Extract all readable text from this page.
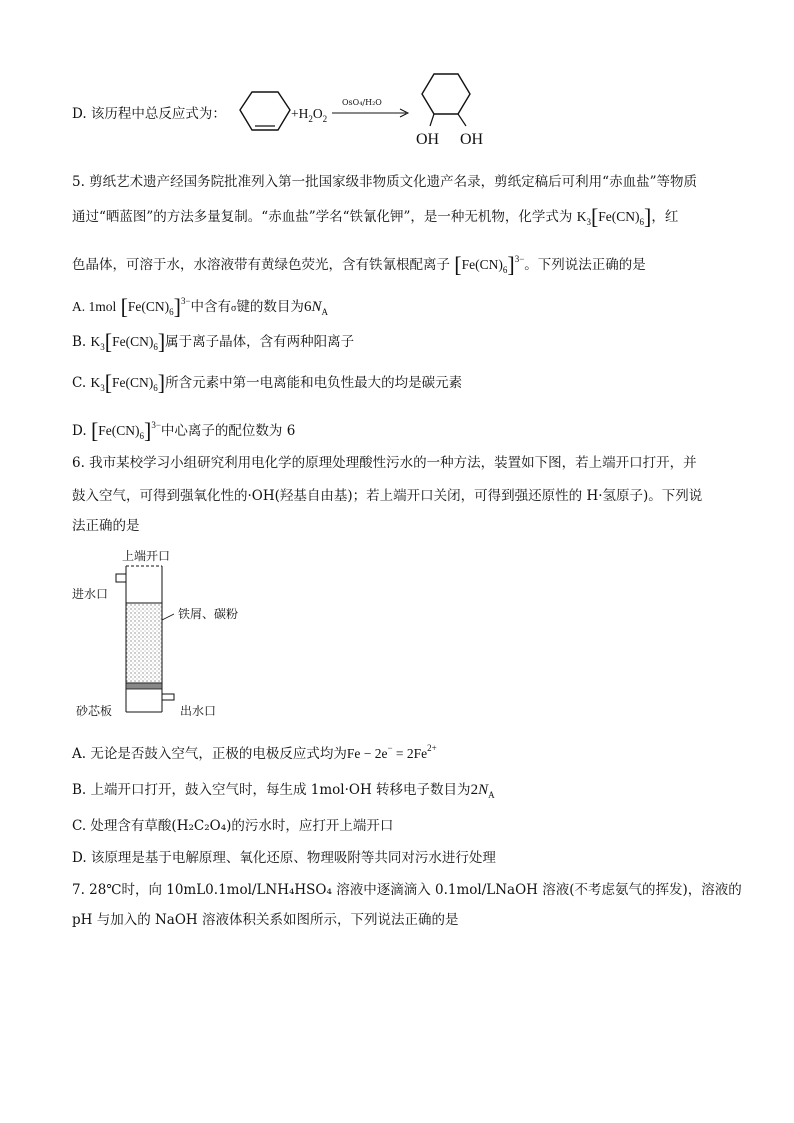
D. 该历程中总反应式为：	$+H_2O_2$
OsO₄/H₂O
OH OH
5. 剪纸艺术遗产经国务院批准列入第一批国家级非物质文化遗产名录，剪纸定稿后可利用“赤血盐”等物质
通过“晒蓝图”的方法多量复制。“赤血盐”学名“铁氰化钾”，是一种无机物，化学式为 $K_3[Fe(CN)_6]$，红
色晶体，可溶于水，水溶液带有黄绿色荧光，含有铁氰根配离子 $[Fe(CN)_6]^{3-}$。下列说法正确的是
A. 1mol $[Fe(CN)_6]^{3-}$中含有σ键的数目为$6N_A$
B. $K_3[Fe(CN)_6]$属于离子晶体，含有两种阳离子
C. $K_3[Fe(CN)_6]$所含元素中第一电离能和电负性最大的均是碳元素
D. $[Fe(CN)_6]^{3-}$中心离子的配位数为 6
6. 我市某校学习小组研究利用电化学的原理处理酸性污水的一种方法，装置如下图，若上端开口打开，并
鼓入空气，可得到强氧化性的·OH(羟基自由基)；若上端开口关闭，可得到强还原性的 H·氢原子)。下列说
法正确的是
上端开口
进水口
铁屑、碳粉
砂芯板	出水口
A. 无论是否鼓入空气，正极的电极反应式均为$Fe - 2e^- = 2Fe^{2+}$
B. 上端开口打开，鼓入空气时，每生成 1mol·OH 转移电子数目为$2N_A$
C. 处理含有草酸(H₂C₂O₄)的污水时，应打开上端开口
D. 该原理是基于电解原理、氧化还原、物理吸附等共同对污水进行处理
7. 28℃时，向 10mL0.1mol/LNH₄HSO₄ 溶液中逐滴滴入 0.1mol/LNaOH 溶液(不考虑氨气的挥发)，溶液的
pH 与加入的 NaOH 溶液体积关系如图所示，下列说法正确的是
